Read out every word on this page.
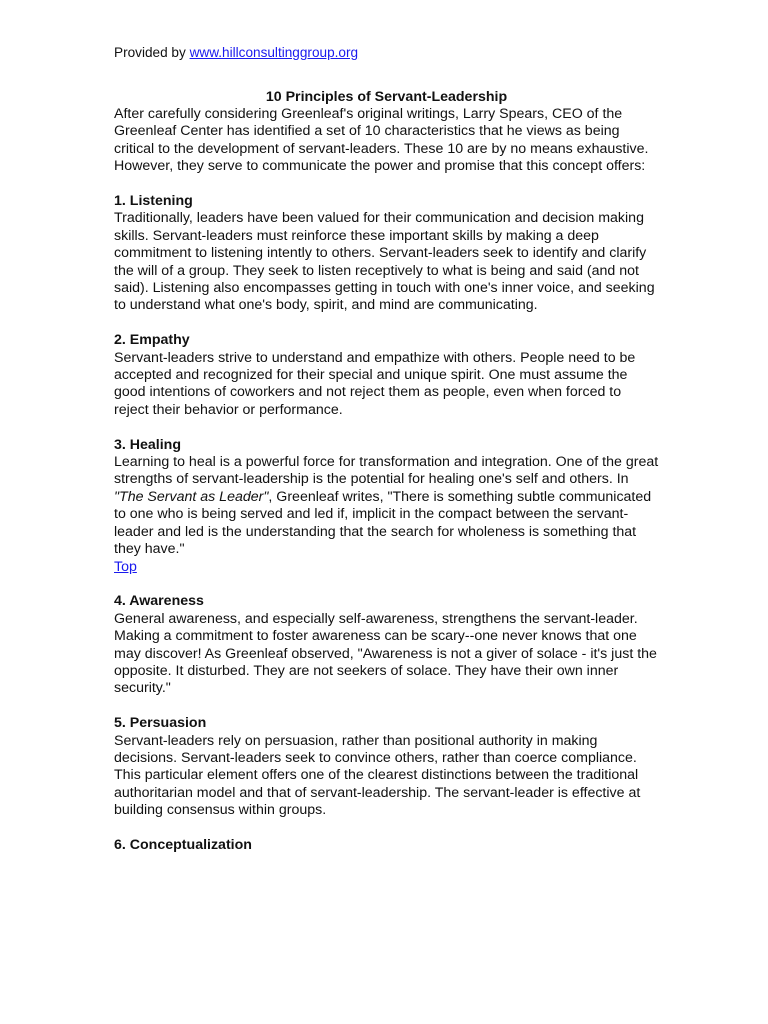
Provided by www.hillconsultinggroup.org
10 Principles of Servant-Leadership

After carefully considering Greenleaf's original writings, Larry Spears, CEO of the Greenleaf Center has identified a set of 10 characteristics that he views as being critical to the development of servant-leaders. These 10 are by no means exhaustive. However, they serve to communicate the power and promise that this concept offers:

1. Listening

Traditionally, leaders have been valued for their communication and decision making skills. Servant-leaders must reinforce these important skills by making a deep commitment to listening intently to others. Servant-leaders seek to identify and clarify the will of a group. They seek to listen receptively to what is being and said (and not said). Listening also encompasses getting in touch with one's inner voice, and seeking to understand what one's body, spirit, and mind are communicating.

2. Empathy

Servant-leaders strive to understand and empathize with others. People need to be accepted and recognized for their special and unique spirit. One must assume the good intentions of coworkers and not reject them as people, even when forced to reject their behavior or performance.

3. Healing

Learning to heal is a powerful force for transformation and integration. One of the great strengths of servant-leadership is the potential for healing one's self and others. In "The Servant as Leader", Greenleaf writes, "There is something subtle communicated to one who is being served and led if, implicit in the compact between the servant-leader and led is the understanding that the search for wholeness is something that they have."

Top
4. Awareness

General awareness, and especially self-awareness, strengthens the servant-leader. Making a commitment to foster awareness can be scary--one never knows that one may discover! As Greenleaf observed, "Awareness is not a giver of solace - it's just the opposite. It disturbed. They are not seekers of solace. They have their own inner security."

5. Persuasion

Servant-leaders rely on persuasion, rather than positional authority in making decisions. Servant-leaders seek to convince others, rather than coerce compliance. This particular element offers one of the clearest distinctions between the traditional authoritarian model and that of servant-leadership. The servant-leader is effective at building consensus within groups.

6. Conceptualization
